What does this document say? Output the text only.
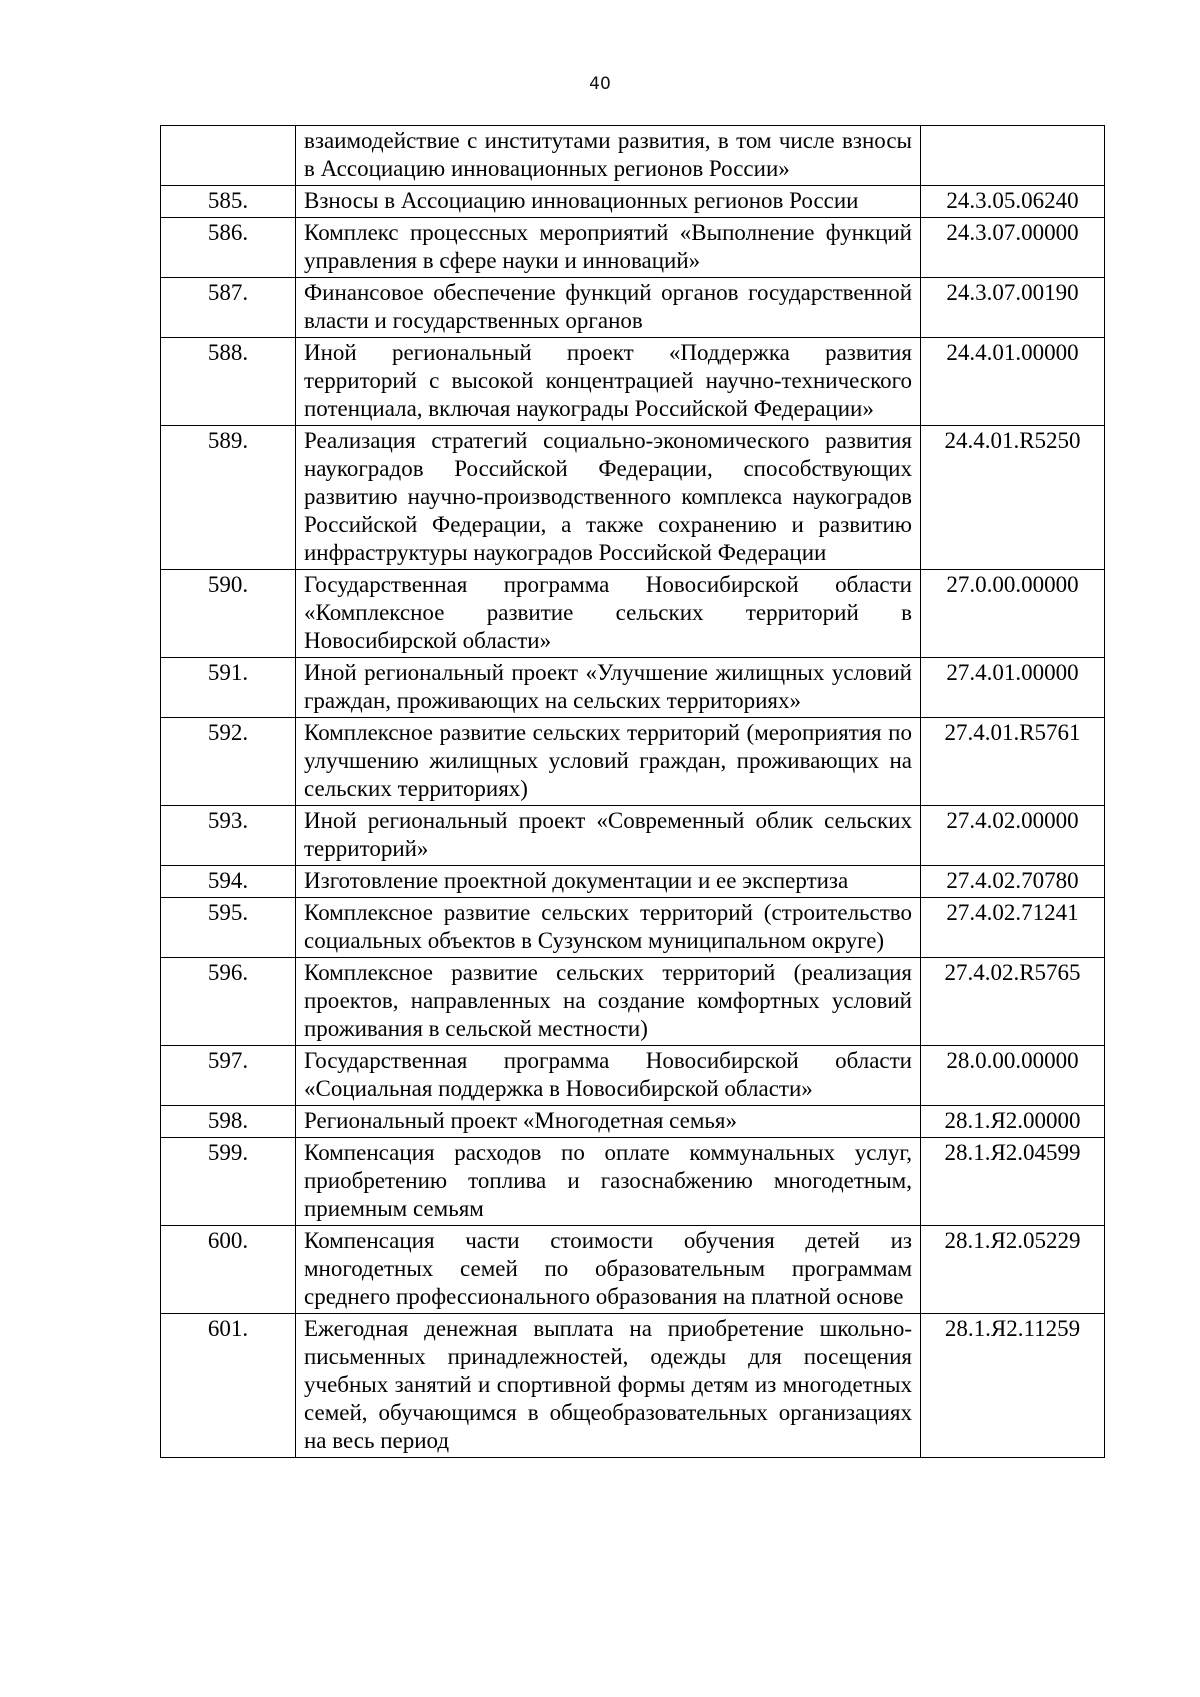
40
	взаимодействие с институтами развития, в том числе взносы в Ассоциацию инновационных регионов России»	
585.	Взносы в Ассоциацию инновационных регионов России	24.3.05.06240
586.	Комплекс процессных мероприятий «Выполнение функций управления в сфере науки и инноваций»	24.3.07.00000
587.	Финансовое обеспечение функций органов государственной власти и государственных органов	24.3.07.00190
588.	Иной региональный проект «Поддержка развития территорий с высокой концентрацией научно-технического потенциала, включая наукограды Российской Федерации»	24.4.01.00000
589.	Реализация стратегий социально-экономического развития наукоградов Российской Федерации, способствующих развитию научно-производственного комплекса наукоградов Российской Федерации, а также сохранению и развитию инфраструктуры наукоградов Российской Федерации	24.4.01.R5250
590.	Государственная программа Новосибирской области «Комплексное развитие сельских территорий в Новосибирской области»	27.0.00.00000
591.	Иной региональный проект «Улучшение жилищных условий граждан, проживающих на сельских территориях»	27.4.01.00000
592.	Комплексное развитие сельских территорий (мероприятия по улучшению жилищных условий граждан, проживающих на сельских территориях)	27.4.01.R5761
593.	Иной региональный проект «Современный облик сельских территорий»	27.4.02.00000
594.	Изготовление проектной документации и ее экспертиза	27.4.02.70780
595.	Комплексное развитие сельских территорий (строительство социальных объектов в Сузунском муниципальном округе)	27.4.02.71241
596.	Комплексное развитие сельских территорий (реализация проектов, направленных на создание комфортных условий проживания в сельской местности)	27.4.02.R5765
597.	Государственная программа Новосибирской области «Социальная поддержка в Новосибирской области»	28.0.00.00000
598.	Региональный проект «Многодетная семья»	28.1.Я2.00000
599.	Компенсация расходов по оплате коммунальных услуг, приобретению топлива и газоснабжению многодетным, приемным семьям	28.1.Я2.04599
600.	Компенсация части стоимости обучения детей из многодетных семей по образовательным программам среднего профессионального образования на платной основе	28.1.Я2.05229
601.	Ежегодная денежная выплата на приобретение школьно-письменных принадлежностей, одежды для посещения учебных занятий и спортивной формы детям из многодетных семей, обучающимся в общеобразовательных организациях на весь период	28.1.Я2.11259
